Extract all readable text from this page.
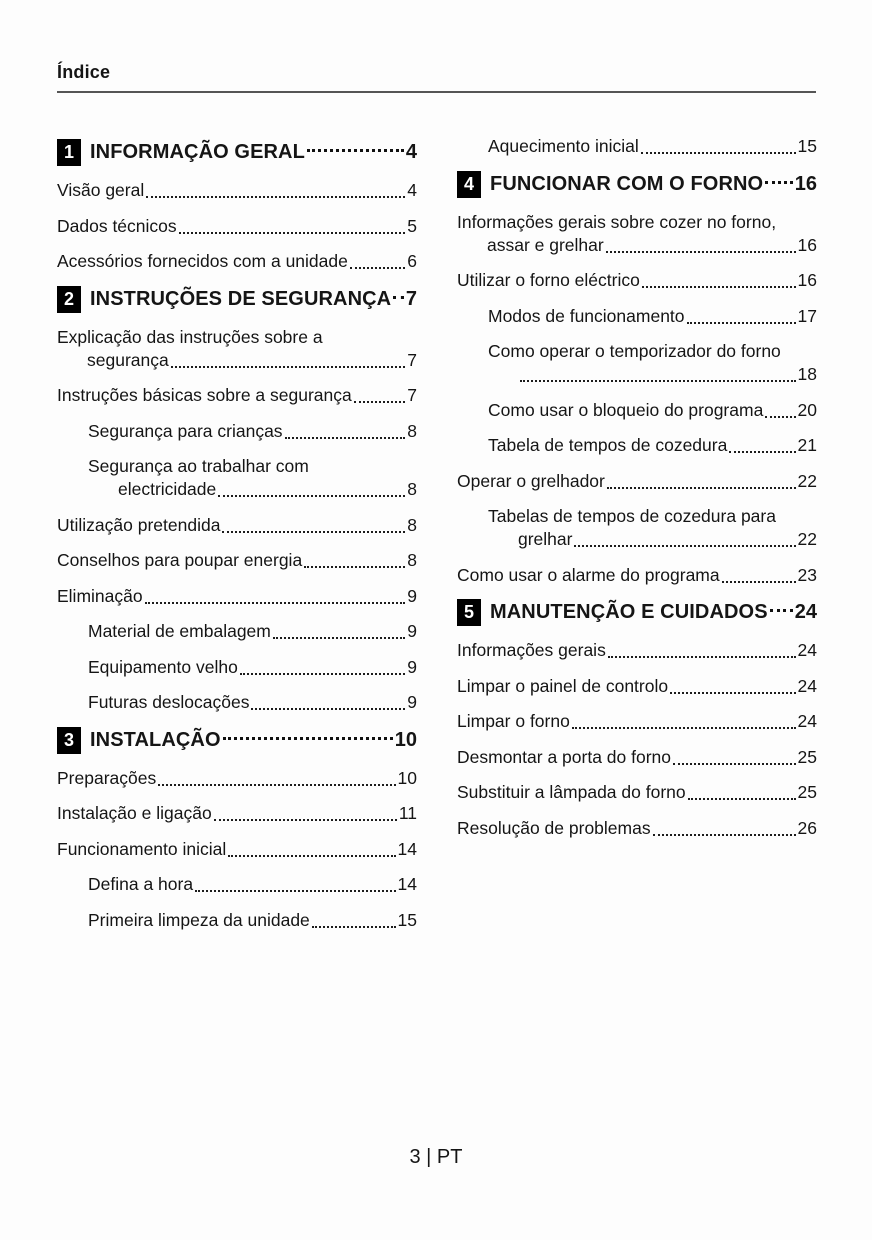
Índice
1 INFORMAÇÃO GERAL	4
Visão geral	4
Dados técnicos	5
Acessórios fornecidos com a unidade	6
2 INSTRUÇÕES DE SEGURANÇA 7
Explicação das instruções sobre a
segurança	7
Instruções básicas sobre a segurança	7
Segurança para crianças	8
Segurança ao trabalhar com
electricidade	8
Utilização pretendida	8
Conselhos para poupar energia	8
Eliminação	9
Material de embalagem	9
Equipamento velho	9
Futuras deslocações	9
3 INSTALAÇÃO	10
Preparações	10
Instalação e ligação	11
Funcionamento inicial	14
Defina a hora	14
Primeira limpeza da unidade	15
Aquecimento inicial	15
4 FUNCIONAR COM O FORNO 16
Informações gerais sobre cozer no forno,
assar e grelhar	16
Utilizar o forno eléctrico	16
Modos de funcionamento	17
Como operar o temporizador do forno
18
Como usar o bloqueio do programa 20
Tabela de tempos de cozedura	21
Operar o grelhador	22
Tabelas de tempos de cozedura para
grelhar	22
Como usar o alarme do programa	23
5 MANUTENÇÃO E CUIDADOS 24
Informações gerais	24
Limpar o painel de controlo	24
Limpar o forno	24
Desmontar a porta do forno	25
Substituir a lâmpada do forno	25
Resolução de problemas	26
3 | PT
